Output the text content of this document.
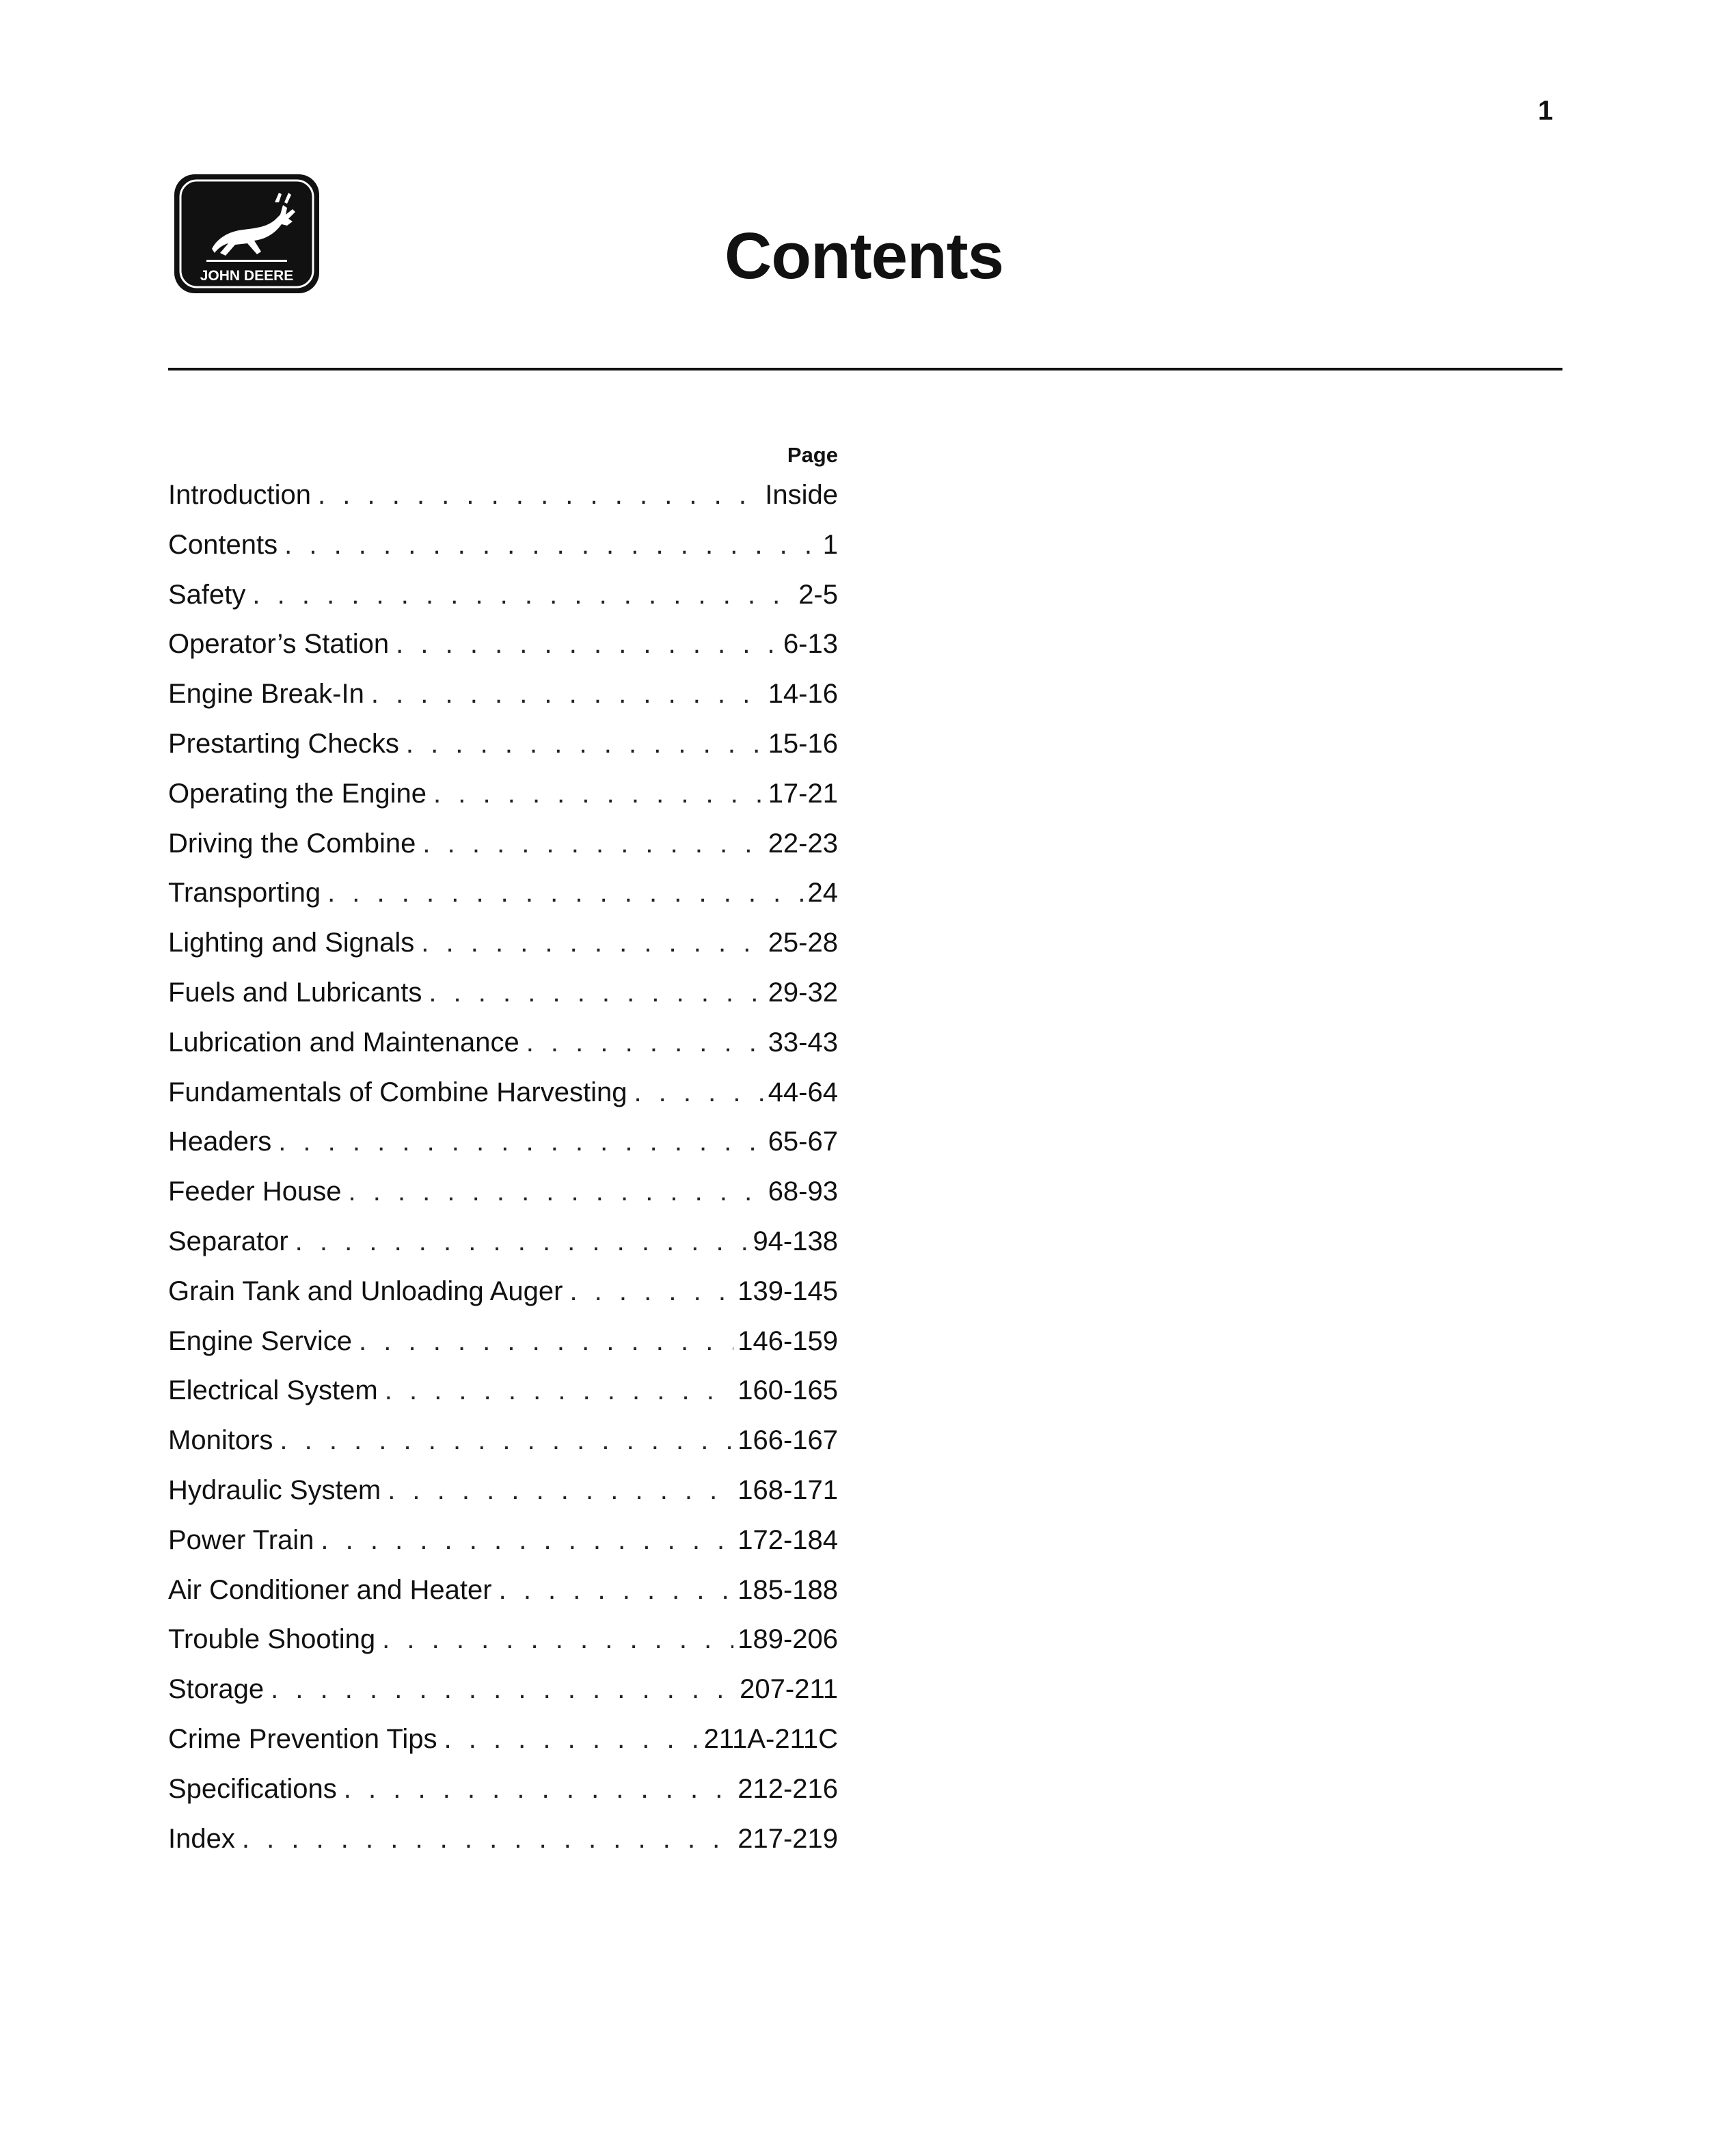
1
JOHN DEERE	Contents
Page
Introduction . . .	Inside
Contents . . .	1
Safety . . .	2-5
Operator’s Station . . .	6-13
Engine Break-In . . .	14-16
Prestarting Checks . . .	15-16
Operating the Engine . . .	17-21
Driving the Combine . . .	22-23
Transporting . . .	24
Lighting and Signals . . .	25-28
Fuels and Lubricants . . .	29-32
Lubrication and Maintenance . . .	33-43
Fundamentals of Combine Harvesting . . .	44-64
Headers . . .	65-67
Feeder House . . .	68-93
Separator . . .	94-138
Grain Tank and Unloading Auger . . .	139-145
Engine Service . . .	146-159
Electrical System . . .	160-165
Monitors . . .	166-167
Hydraulic System . . .	168-171
Power Train . . .	172-184
Air Conditioner and Heater . . .	185-188
Trouble Shooting . . .	189-206
Storage . . .	207-211
Crime Prevention Tips . . .	211A-211C
Specifications . . .	212-216
Index . . .	217-219
